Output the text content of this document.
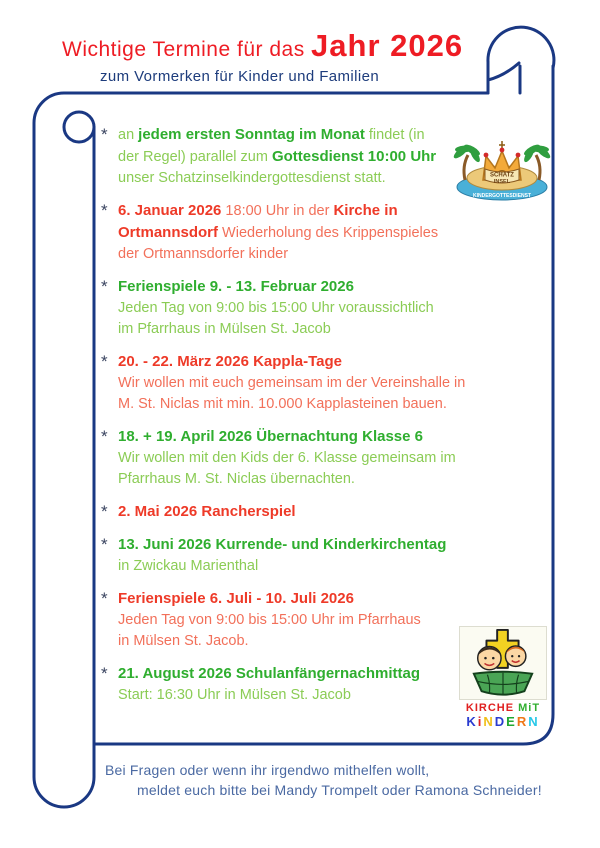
Wichtige Termine für das Jahr 2026
zum Vormerken für Kinder und Familien
* an jedem ersten Sonntag im Monat findet (in
der Regel) parallel zum Gottesdienst 10:00 Uhr
unser Schatzinselkindergottesdienst statt.
* 6. Januar 2026 18:00 Uhr in der Kirche in
Ortmannsdorf Wiederholung des Krippenspieles
der Ortmannsdorfer kinder
* Ferienspiele 9. - 13. Februar 2026
Jeden Tag von 9:00 bis 15:00 Uhr voraussichtlich
im Pfarrhaus in Mülsen St. Jacob
* 20. - 22. März 2026 Kappla-Tage
Wir wollen mit euch gemeinsam im der Vereinshalle in
M. St. Niclas mit min. 10.000 Kapplasteinen bauen.
* 18. + 19. April 2026 Übernachtung Klasse 6
Wir wollen mit den Kids der 6. Klasse gemeinsam im
Pfarrhaus M. St. Niclas übernachten.
* 2. Mai 2026 Rancherspiel
* 13. Juni 2026 Kurrende- und Kinderkirchentag
in Zwickau Marienthal
* Ferienspiele 6. Juli - 10. Juli 2026
Jeden Tag von 9:00 bis 15:00 Uhr im Pfarrhaus
in Mülsen St. Jacob.
* 21. August 2026 Schulanfängernachmittag
Start: 16:30 Uhr in Mülsen St. Jacob
SCHATZ
INSEL
KINDERGOTTESDIENST
KIRCHE MiT
KiNDERN
Bei Fragen oder wenn ihr irgendwo mithelfen wollt,
meldet euch bitte bei Mandy Trompelt oder Ramona Schneider!
